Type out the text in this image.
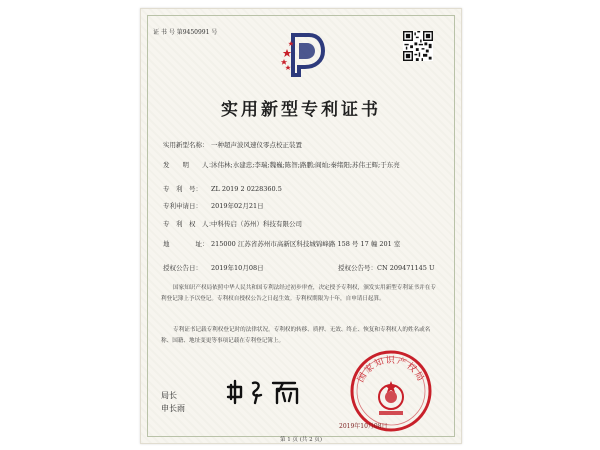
证 书 号 第9450991 号
实用新型专利证书
实用新型名称： 一种超声波风速仪零点校正装置
发　　明　　人：
沐伟林;水建忠;李瑞;魏巍;陈智;路鹏;阎灿;秦绪阳;苏伟王辉;于东亮
专　利　号： ZL 2019 2 0228360.5
专利申请日： 2019年02月21日
专　利　权　人：
中科传启（苏州）科技有限公司
地　　　　址： 215000 江苏省苏州市高新区科技城锦峰路 158 号 17 幢 201 室
授权公告日： 2019年10月08日	授权公告号：CN 209471145 U
国家知识产权局依照中华人民共和国专利法经过初步审查，决定授予专利权，颁发实用新型专利证书并在专利登记簿上予以登记。专利权自授权公告之日起生效。专利权期限为十年，自申请日起算。
专利证书记载专利权登记时的法律状况。专利权的转移、质押、无效、终止、恢复和专利权人的姓名或名称、国籍、地址变更等事项记载在专利登记簿上。
局长
申长雨
国家知识产权局
2019年10月08日
第 1 页 (共 2 页)
